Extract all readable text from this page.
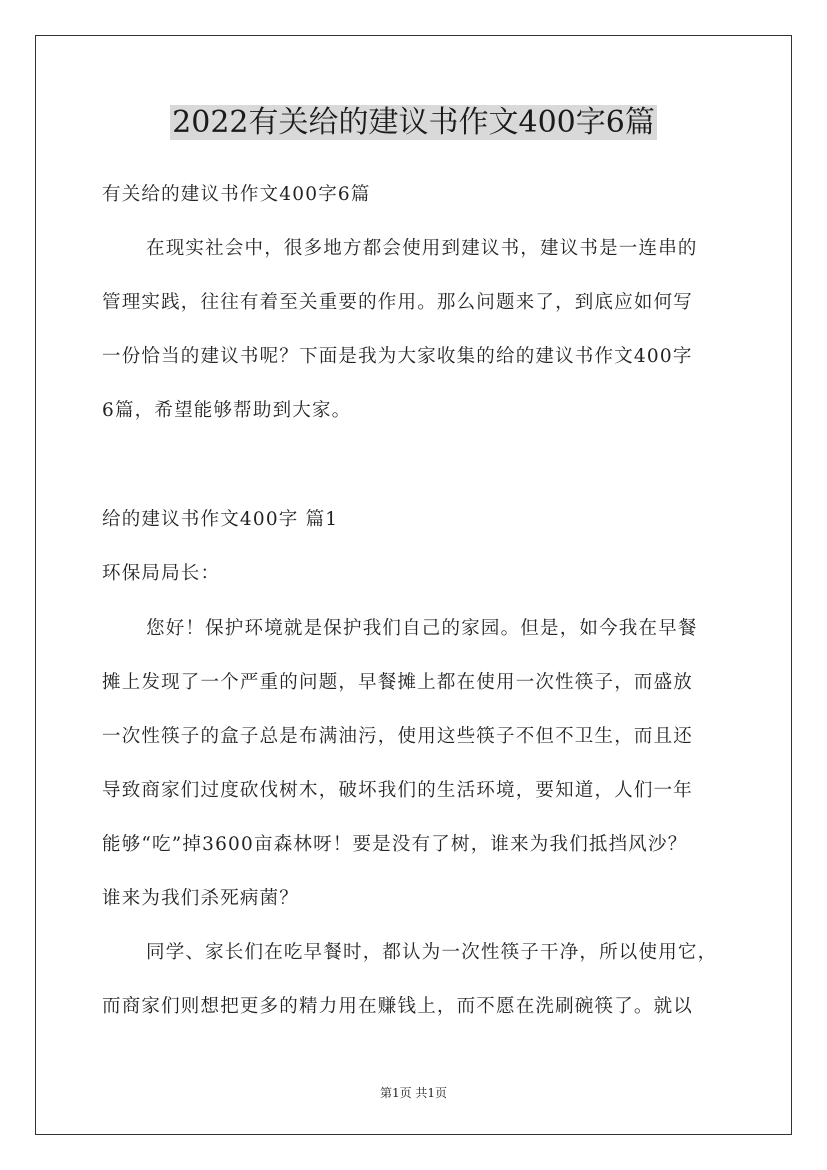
2022有关给的建议书作文400字6篇
有关给的建议书作文400字6篇
在现实社会中，很多地方都会使用到建议书，建议书是一连串的
管理实践，往往有着至关重要的作用。那么问题来了，到底应如何写
一份恰当的建议书呢？下面是我为大家收集的给的建议书作文400字
6篇，希望能够帮助到大家。
给的建议书作文400字 篇1
环保局局长：
您好！保护环境就是保护我们自己的家园。但是，如今我在早餐
摊上发现了一个严重的问题，早餐摊上都在使用一次性筷子，而盛放
一次性筷子的盒子总是布满油污，使用这些筷子不但不卫生，而且还
导致商家们过度砍伐树木，破坏我们的生活环境，要知道，人们一年
能够“吃”掉3600亩森林呀！要是没有了树，谁来为我们抵挡风沙？
谁来为我们杀死病菌？
同学、家长们在吃早餐时，都认为一次性筷子干净，所以使用它，
而商家们则想把更多的精力用在赚钱上，而不愿在洗刷碗筷了。就以
第1页 共1页
